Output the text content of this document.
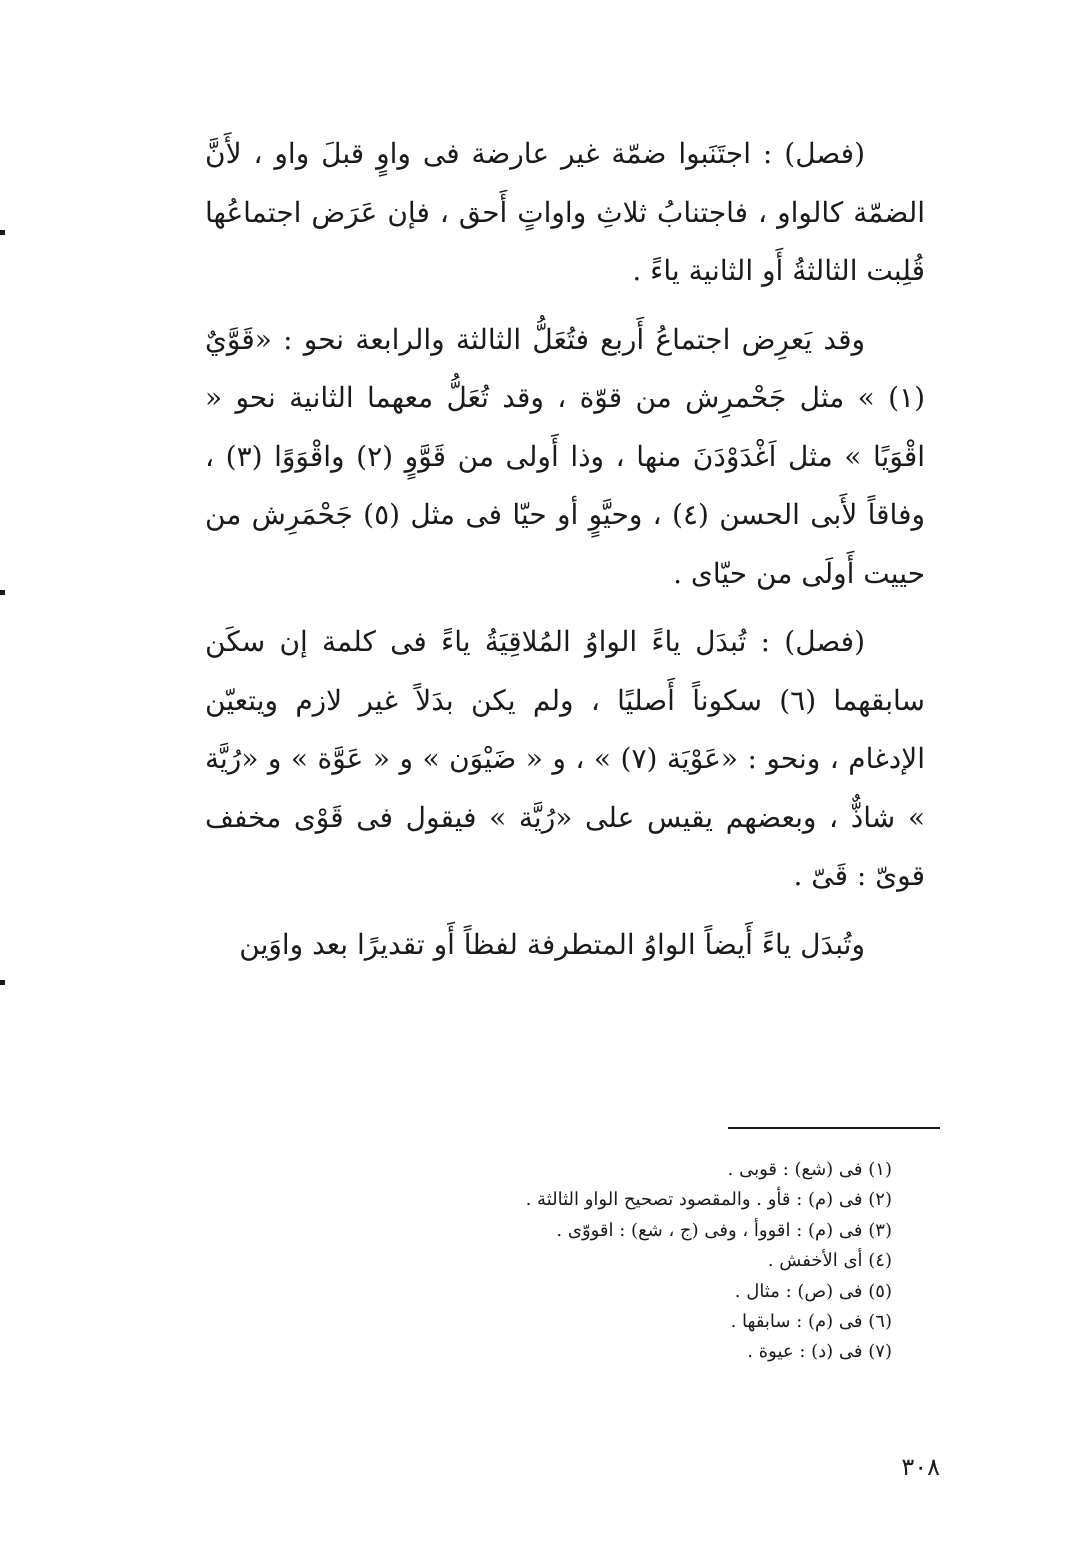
(فصل) : اجتَنَبوا ضمّة غير عارضة فى واوٍ قبلَ واو ، لأَنَّ الضمّة كالواو ، فاجتنابُ ثلاثِ واواتٍ أَحق ، فإن عَرَض اجتماعُها قُلِبت الثالثةُ أَو الثانية ياءً .

وقد يَعرِض اجتماعُ أَربع فتُعَلُّ الثالثة والرابعة نحو : «قَوَّيٌ (١) » مثل جَحْمرِش من قوّة ، وقد تُعَلُّ معهما الثانية نحو « اقْوَيًا » مثل اَغْدَوْدَنَ منها ، وذا أَولى من قَوَّوٍ (٢) واقْوَوًا (٣) ، وفاقاً لأَبى الحسن (٤) ، وحيَّوٍ أو حيّا فى مثل (٥) جَحْمَرِش من حييت أَولَى من حيّاى .

(فصل) : تُبدَل ياءً الواوُ المُلاقِيَةُ ياءً فى كلمة إن سكَن سابقهما (٦) سكوناً أَصليًا ، ولم يكن بدَلاً غير لازم ويتعيّن الإدغام ، ونحو : «عَوْيَة (٧) » ، و « ضَيْوَن » و « عَوَّة » و «رُيَّة » شاذٌّ ، وبعضهم يقيس على «رُيَّة » فيقول فى قَوْى مخفف قوىّ : قَىّ .

وتُبدَل ياءً أَيضاً الواوُ المتطرفة لفظاً أَو تقديرًا بعد واوَين

(١) فى (شع) : قوبى .
(٢) فى (م) : قأو . والمقصود تصحيح الواو الثالثة .
(٣) فى (م) : اقووأ ، وفى (ج ، شع) : اقووّى .
(٤) أى الأخفش .
(٥) فى (ص) : مثال .
(٦) فى (م) : سابقها .
(٧) فى (د) : عيوة .
٣٠٨
